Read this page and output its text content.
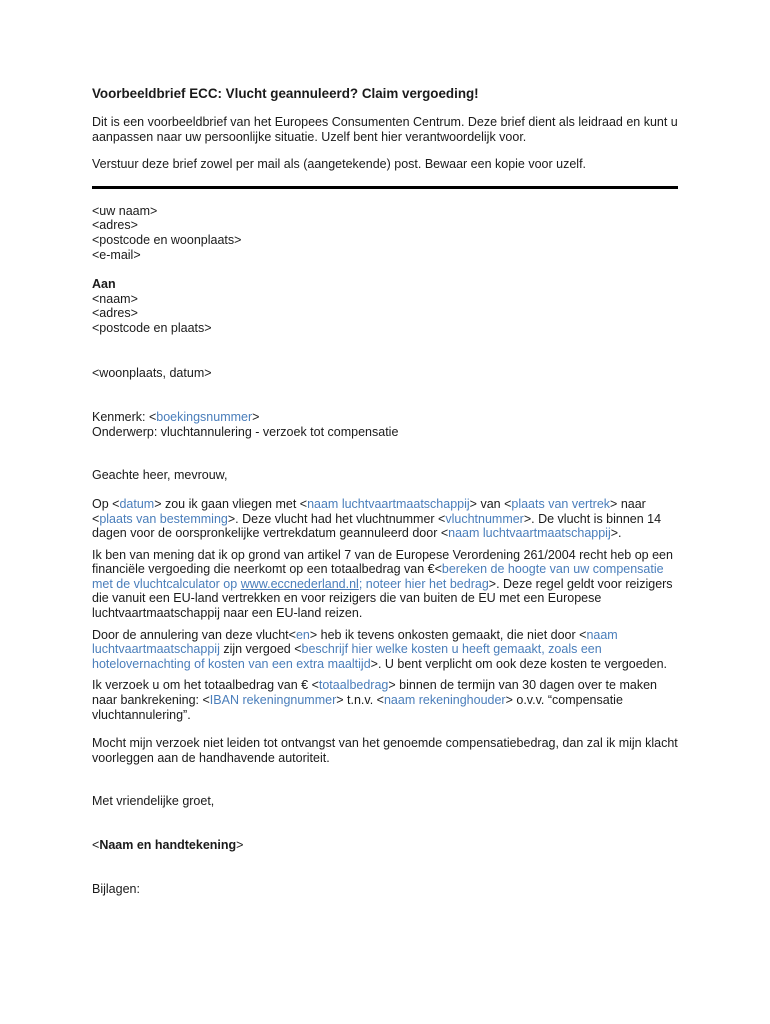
Voorbeeldbrief ECC: Vlucht geannuleerd? Claim vergoeding!

Dit is een voorbeeldbrief van het Europees Consumenten Centrum. Deze brief dient als leidraad en kunt u aanpassen naar uw persoonlijke situatie. Uzelf bent hier verantwoordelijk voor.

Verstuur deze brief zowel per mail als (aangetekende) post. Bewaar een kopie voor uzelf.

<uw naam>

<adres>

<postcode en woonplaats>

<e-mail>

Aan

<naam>

<adres>

<postcode en plaats>

<woonplaats, datum>

Kenmerk: <boekingsnummer>

Onderwerp: vluchtannulering - verzoek tot compensatie

Geachte heer, mevrouw,

Op <datum> zou ik gaan vliegen met <naam luchtvaartmaatschappij> van <plaats van vertrek> naar <plaats van bestemming>. Deze vlucht had het vluchtnummer <vluchtnummer>. De vlucht is binnen 14 dagen voor de oorspronkelijke vertrekdatum geannuleerd door <naam luchtvaartmaatschappij>.

Ik ben van mening dat ik op grond van artikel 7 van de Europese Verordening 261/2004 recht heb op een financiële vergoeding die neerkomt op een totaalbedrag van €<bereken de hoogte van uw compensatie met de vluchtcalculator op www.eccnederland.nl; noteer hier het bedrag>. Deze regel geldt voor reizigers die vanuit een EU-land vertrekken en voor reizigers die van buiten de EU met een Europese luchtvaartmaatschappij naar een EU-land reizen.

Door de annulering van deze vlucht<en> heb ik tevens onkosten gemaakt, die niet door <naam luchtvaartmaatschappij zijn vergoed <beschrijf hier welke kosten u heeft gemaakt, zoals een hotelovernachting of kosten van een extra maaltijd>. U bent verplicht om ook deze kosten te vergoeden.

Ik verzoek u om het totaalbedrag van € <totaalbedrag> binnen de termijn van 30 dagen over te maken naar bankrekening: <IBAN rekeningnummer> t.n.v. <naam rekeninghouder> o.v.v. “compensatie vluchtannulering”.

Mocht mijn verzoek niet leiden tot ontvangst van het genoemde compensatiebedrag, dan zal ik mijn klacht voorleggen aan de handhavende autoriteit.

Met vriendelijke groet,

<Naam en handtekening>

Bijlagen:
